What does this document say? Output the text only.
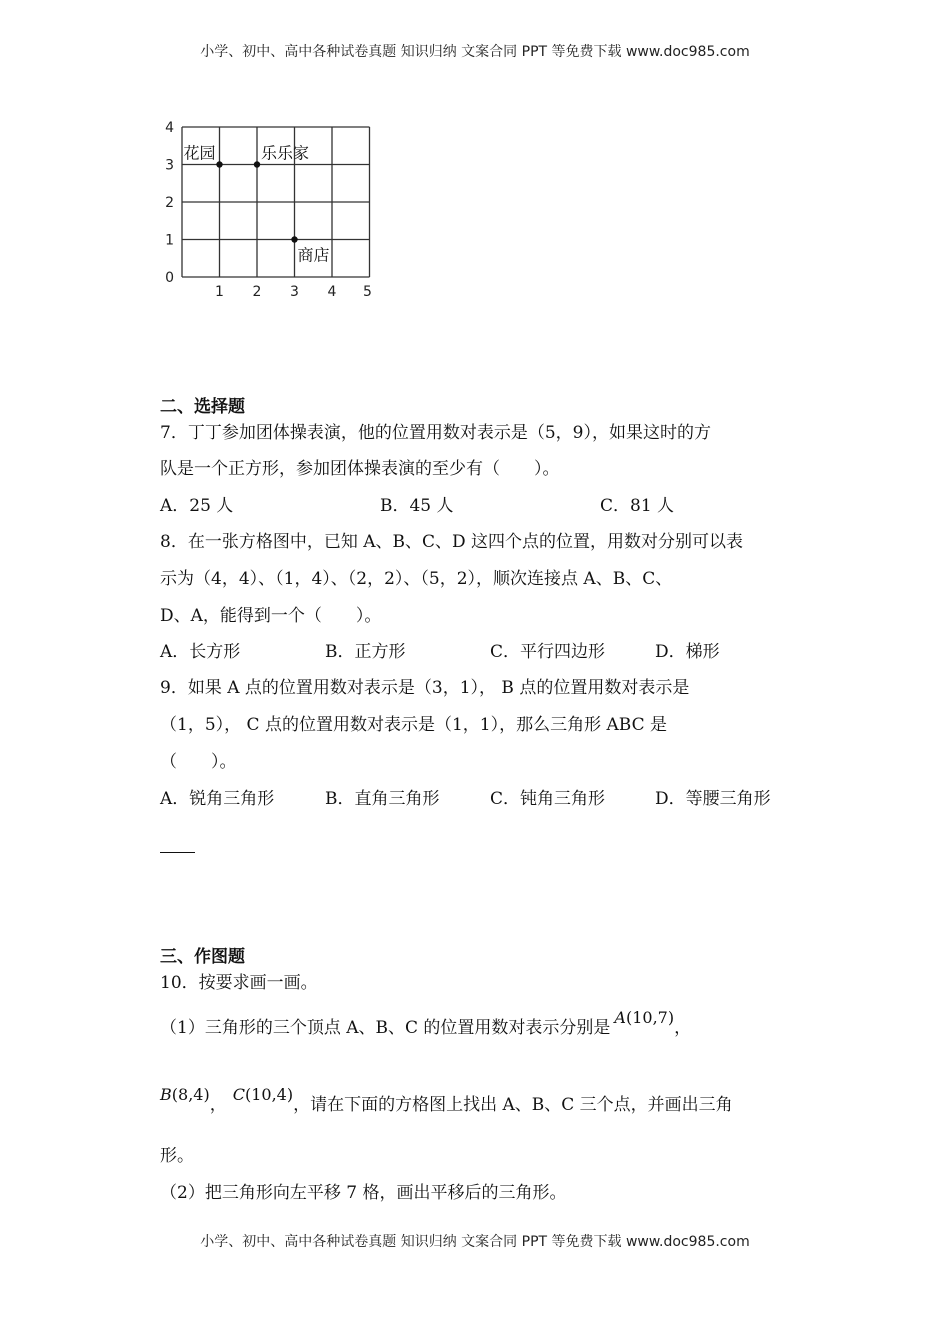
小学、初中、高中各种试卷真题 知识归纳 文案合同 PPT 等免费下载 www.doc985.com
1 2 3 4 5
0
1
2
3
4
花园	乐乐家
商店
二、选择题
7．丁丁参加团体操表演，他的位置用数对表示是（5，9），如果这时的方
队是一个正方形，参加团体操表演的至少有（　　）。
A．25 人	B．45 人	C．81 人
8．在一张方格图中，已知 A、B、C、D 这四个点的位置，用数对分别可以表
示为（4，4）、（1，4）、（2，2）、（5，2），顺次连接点 A、B、C、
D、A，能得到一个（　　）。
A．长方形	B．正方形	C．平行四边形	D．梯形
9．如果 A 点的位置用数对表示是（3，1）， B 点的位置用数对表示是
（1，5）， C 点的位置用数对表示是（1，1），那么三角形 ABC 是
（　　）。
A．锐角三角形	B．直角三角形	C．钝角三角形	D．等腰三角形
三、作图题
10．按要求画一画。
（1）三角形的三个顶点 A、B、C 的位置用数对表示分别是A(10,7)，
B(8,4)，C(10,4)，请在下面的方格图上找出 A、B、C 三个点，并画出三角
形。
（2）把三角形向左平移 7 格，画出平移后的三角形。
小学、初中、高中各种试卷真题 知识归纳 文案合同 PPT 等免费下载 www.doc985.com
